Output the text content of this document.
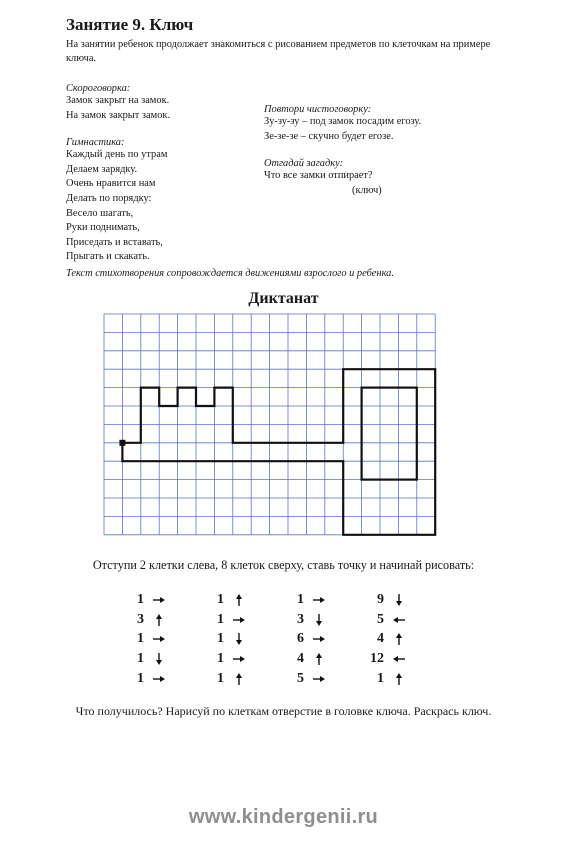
Занятие 9. Ключ
На занятии ребенок продолжает знакомиться с рисованием предметов по клеточкам на примере ключа.
Скороговорка:
Замок закрыт на замок.
На замок закрыт замок.
Гимнастика:
Каждый день по утрам
Делаем зарядку.
Очень нравится нам
Делать по порядку:
Весело шагать,
Руки поднимать,
Приседать и вставать,
Прыгать и скакать.
Повтори чистоговорку:
Зу-зу-зу – под замок посадим егозу.
Зе-зе-зе – скучно будет егозе.
Отгадай загадку:
Что все замки отпирает?
(ключ)
Текст стихотворения сопровождается движениями взрослого и ребенка.
Диктанат
Отступи 2 клетки слева, 8 клеток сверху, ставь точку и начинай рисовать:
1
3
1
1
1
1
1
1
1
1
1
3
6
4
5
9
5
4
12
1
Что получилось? Нарисуй по клеткам отверстие в головке ключа. Раскрась ключ.
www.kindergenii.ru
